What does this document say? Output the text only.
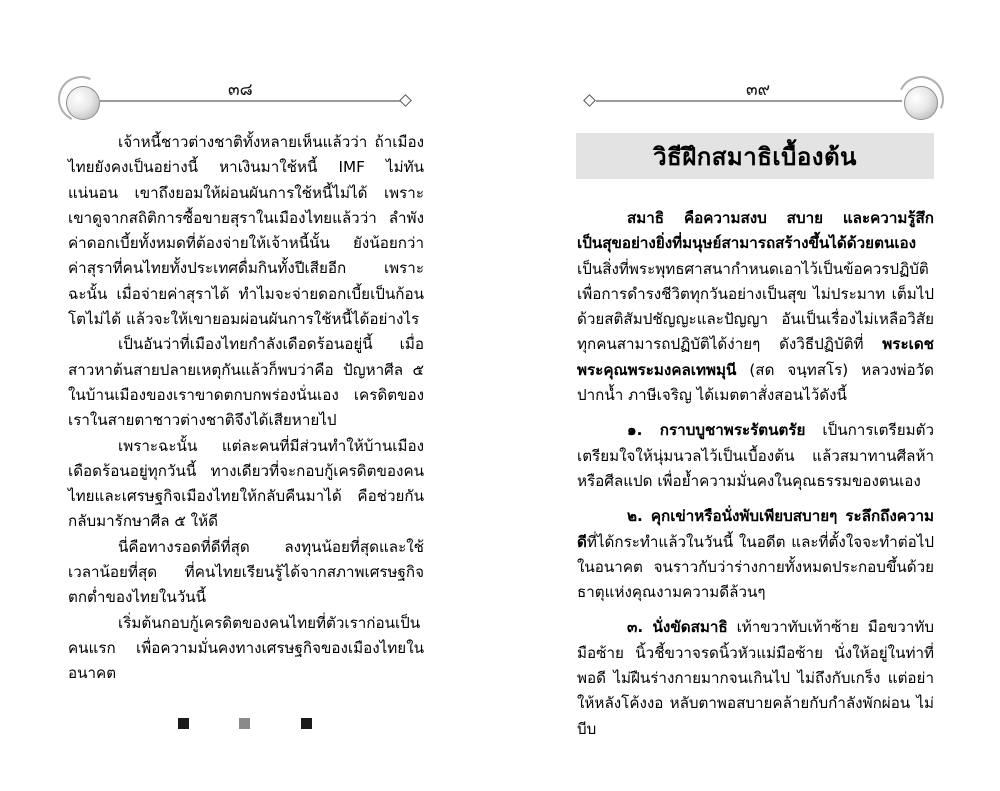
๓๘

เจ้าหนี้ชาวต่างชาติทั้งหลายเห็นแล้วว่า ถ้าเมืองไทยยังคงเป็นอย่างนี้ หาเงินมาใช้หนี้ IMF ไม่ทันแน่นอน เขาถึงยอมให้ผ่อนผันการใช้หนี้ไม่ได้ เพราะเขาดูจากสถิติการซื้อขายสุราในเมืองไทยแล้วว่า ลำพังค่าดอกเบี้ยทั้งหมดที่ต้องจ่ายให้เจ้าหนี้นั้น ยังน้อยกว่าค่าสุราที่คนไทยทั้งประเทศดื่มกินทั้งปีเสียอีก เพราะฉะนั้น เมื่อจ่ายค่าสุราได้ ทำไมจะจ่ายดอกเบี้ยเป็นก้อนโตไม่ได้ แล้วจะให้เขายอมผ่อนผันการใช้หนี้ได้อย่างไร

เป็นอันว่าที่เมืองไทยกำลังเดือดร้อนอยู่นี้ เมื่อสาวหาต้นสายปลายเหตุกันแล้วก็พบว่าคือ ปัญหาศีล ๕ ในบ้านเมืองของเราขาดตกบกพร่องนั่นเอง เครดิตของเราในสายตาชาวต่างชาติจึงได้เสียหายไป

เพราะฉะนั้น แต่ละคนที่มีส่วนทำให้บ้านเมืองเดือดร้อนอยู่ทุกวันนี้ ทางเดียวที่จะกอบกู้เครดิตของคนไทยและเศรษฐกิจเมืองไทยให้กลับคืนมาได้ คือช่วยกันกลับมารักษาศีล ๕ ให้ดี

นี่คือทางรอดที่ดีที่สุด ลงทุนน้อยที่สุดและใช้เวลาน้อยที่สุด ที่คนไทยเรียนรู้ได้จากสภาพเศรษฐกิจตกต่ำของไทยในวันนี้

เริ่มต้นกอบกู้เครดิตของคนไทยที่ตัวเราก่อนเป็นคนแรก เพื่อความมั่นคงทางเศรษฐกิจของเมืองไทยในอนาคต

๓๙
วิธีฝึกสมาธิเบื้องต้น

สมาธิ คือความสงบ สบาย และความรู้สึกเป็นสุขอย่างยิ่งที่มนุษย์สามารถสร้างขึ้นได้ด้วยตนเอง เป็นสิ่งที่พระพุทธศาสนากำหนดเอาไว้เป็นข้อควรปฏิบัติ เพื่อการดำรงชีวิตทุกวันอย่างเป็นสุข ไม่ประมาท เต็มไปด้วยสติสัมปชัญญะและปัญญา อันเป็นเรื่องไม่เหลือวิสัย ทุกคนสามารถปฏิบัติได้ง่ายๆ ดังวิธีปฏิบัติที่ พระเดชพระคุณพระมงคลเทพมุนี (สด จนฺทสโร) หลวงพ่อวัดปากน้ำ ภาษีเจริญ ได้เมตตาสั่งสอนไว้ดังนี้

๑. กราบบูชาพระรัตนตรัย เป็นการเตรียมตัวเตรียมใจให้นุ่มนวลไว้เป็นเบื้องต้น แล้วสมาทานศีลห้า หรือศีลแปด เพื่อย้ำความมั่นคงในคุณธรรมของตนเอง

๒. คุกเข่าหรือนั่งพับเพียบสบายๆ ระลึกถึงความดีที่ได้กระทำแล้วในวันนี้ ในอดีต และที่ตั้งใจจะทำต่อไปในอนาคต จนราวกับว่าร่างกายทั้งหมดประกอบขึ้นด้วยธาตุแห่งคุณงามความดีล้วนๆ

๓. นั่งขัดสมาธิ เท้าขวาทับเท้าซ้าย มือขวาทับมือซ้าย นิ้วชี้ขวาจรดนิ้วหัวแม่มือซ้าย นั่งให้อยู่ในท่าที่พอดี ไม่ฝืนร่างกายมากจนเกินไป ไม่ถึงกับเกร็ง แต่อย่าให้หลังโค้งงอ หลับตาพอสบายคล้ายกับกำลังพักผ่อน ไม่บีบ
